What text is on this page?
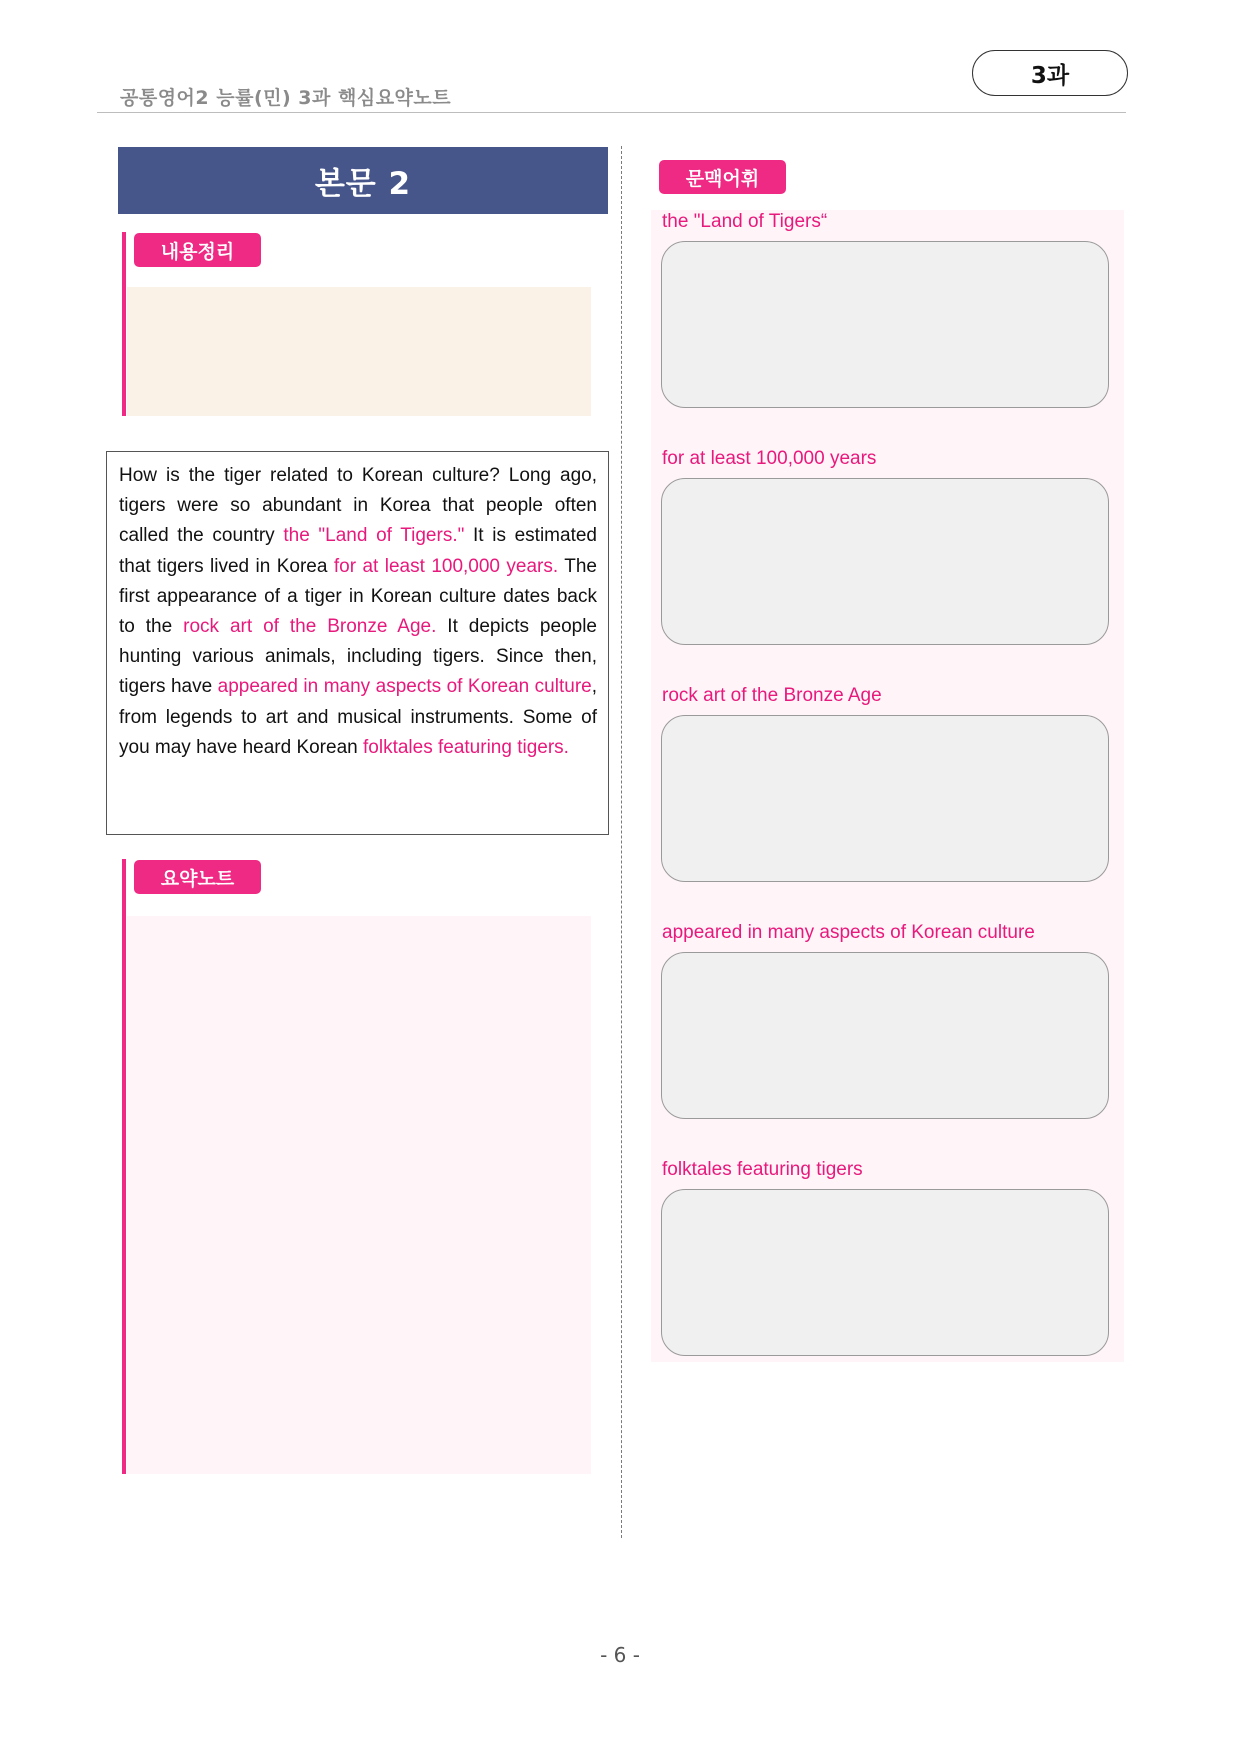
공통영어2 능률(민) 3과 핵심요약노트
3과
본문 2
내용정리
How is the tiger related to Korean culture? Long ago, tigers were so abundant in Korea that people often called the country the "Land of Tigers." It is estimated that tigers lived in Korea for at least 100,000 years. The first appearance of a tiger in Korean culture dates back to the rock art of the Bronze Age. It depicts people hunting various animals, including tigers. Since then, tigers have appeared in many aspects of Korean culture, from legends to art and musical instruments. Some of you may have heard Korean folktales featuring tigers.
요약노트
문맥어휘
the "Land of Tigers“
for at least 100,000 years
rock art of the Bronze Age
appeared in many aspects of Korean culture
folktales featuring tigers
- 6 -
